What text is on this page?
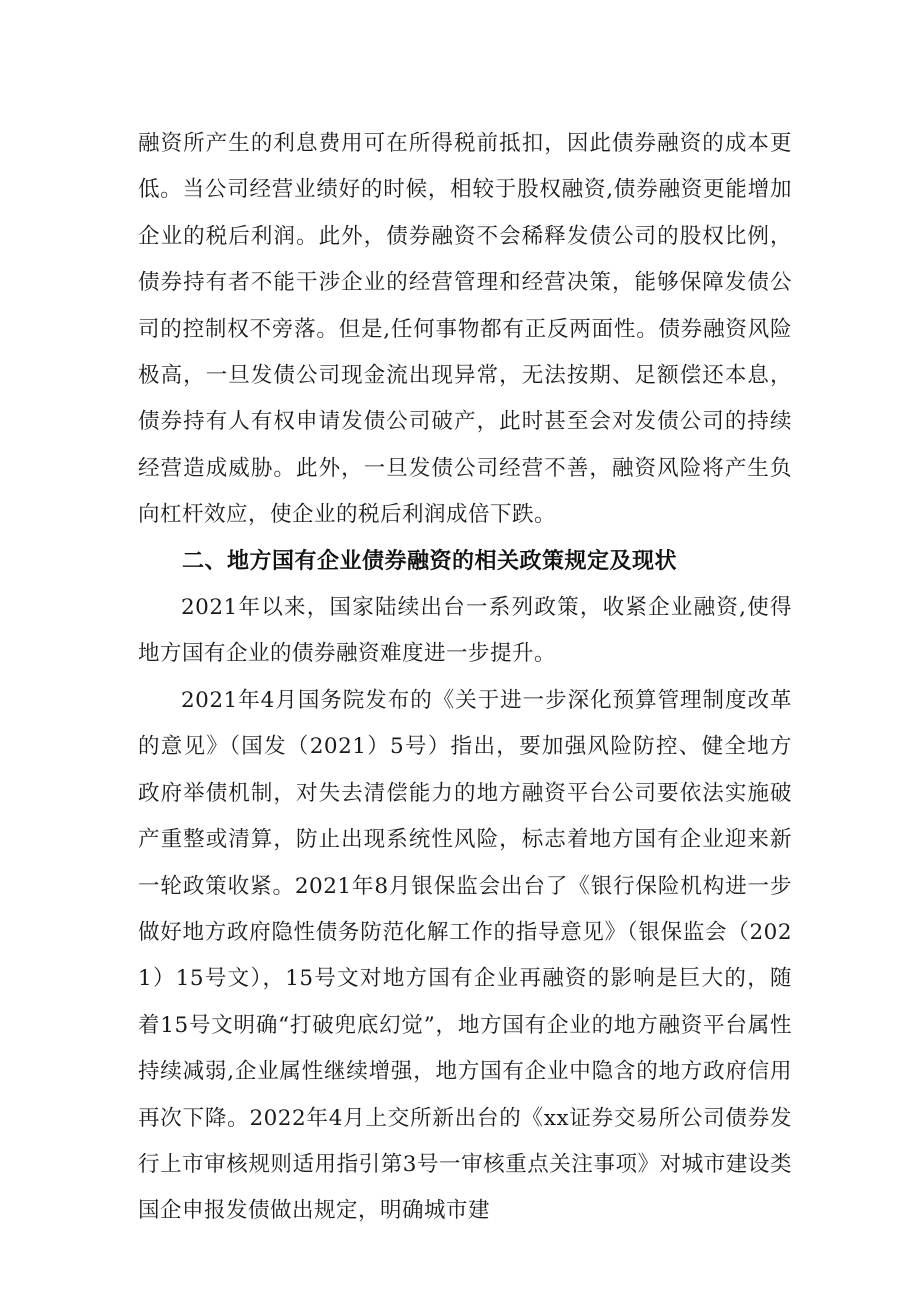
融资所产生的利息费用可在所得税前抵扣，因此债券融资的成本更低。当公司经营业绩好的时候，相较于股权融资,债券融资更能增加企业的税后利润。此外，债券融资不会稀释发债公司的股权比例，债券持有者不能干涉企业的经营管理和经营决策，能够保障发债公司的控制权不旁落。但是,任何事物都有正反两面性。债券融资风险极高，一旦发债公司现金流出现异常，无法按期、足额偿还本息，债券持有人有权申请发债公司破产，此时甚至会对发债公司的持续经营造成威胁。此外，一旦发债公司经营不善，融资风险将产生负向杠杆效应，使企业的税后利润成倍下跌。

二、地方国有企业债券融资的相关政策规定及现状

2021年以来，国家陆续出台一系列政策，收紧企业融资,使得地方国有企业的债券融资难度进一步提升。

2021年4月国务院发布的《关于进一步深化预算管理制度改革的意见》（国发（2021）5号）指出，要加强风险防控、健全地方政府举债机制，对失去清偿能力的地方融资平台公司要依法实施破产重整或清算，防止出现系统性风险，标志着地方国有企业迎来新一轮政策收紧。2021年8月银保监会出台了《银行保险机构进一步做好地方政府隐性债务防范化解工作的指导意见》（银保监会（2021）15号文），15号文对地方国有企业再融资的影响是巨大的，随着15号文明确“打破兜底幻觉”，地方国有企业的地方融资平台属性持续减弱,企业属性继续增强，地方国有企业中隐含的地方政府信用再次下降。2022年4月上交所新出台的《xx证券交易所公司债券发行上市审核规则适用指引第3号一审核重点关注事项》对城市建设类国企申报发债做出规定，明确城市建
